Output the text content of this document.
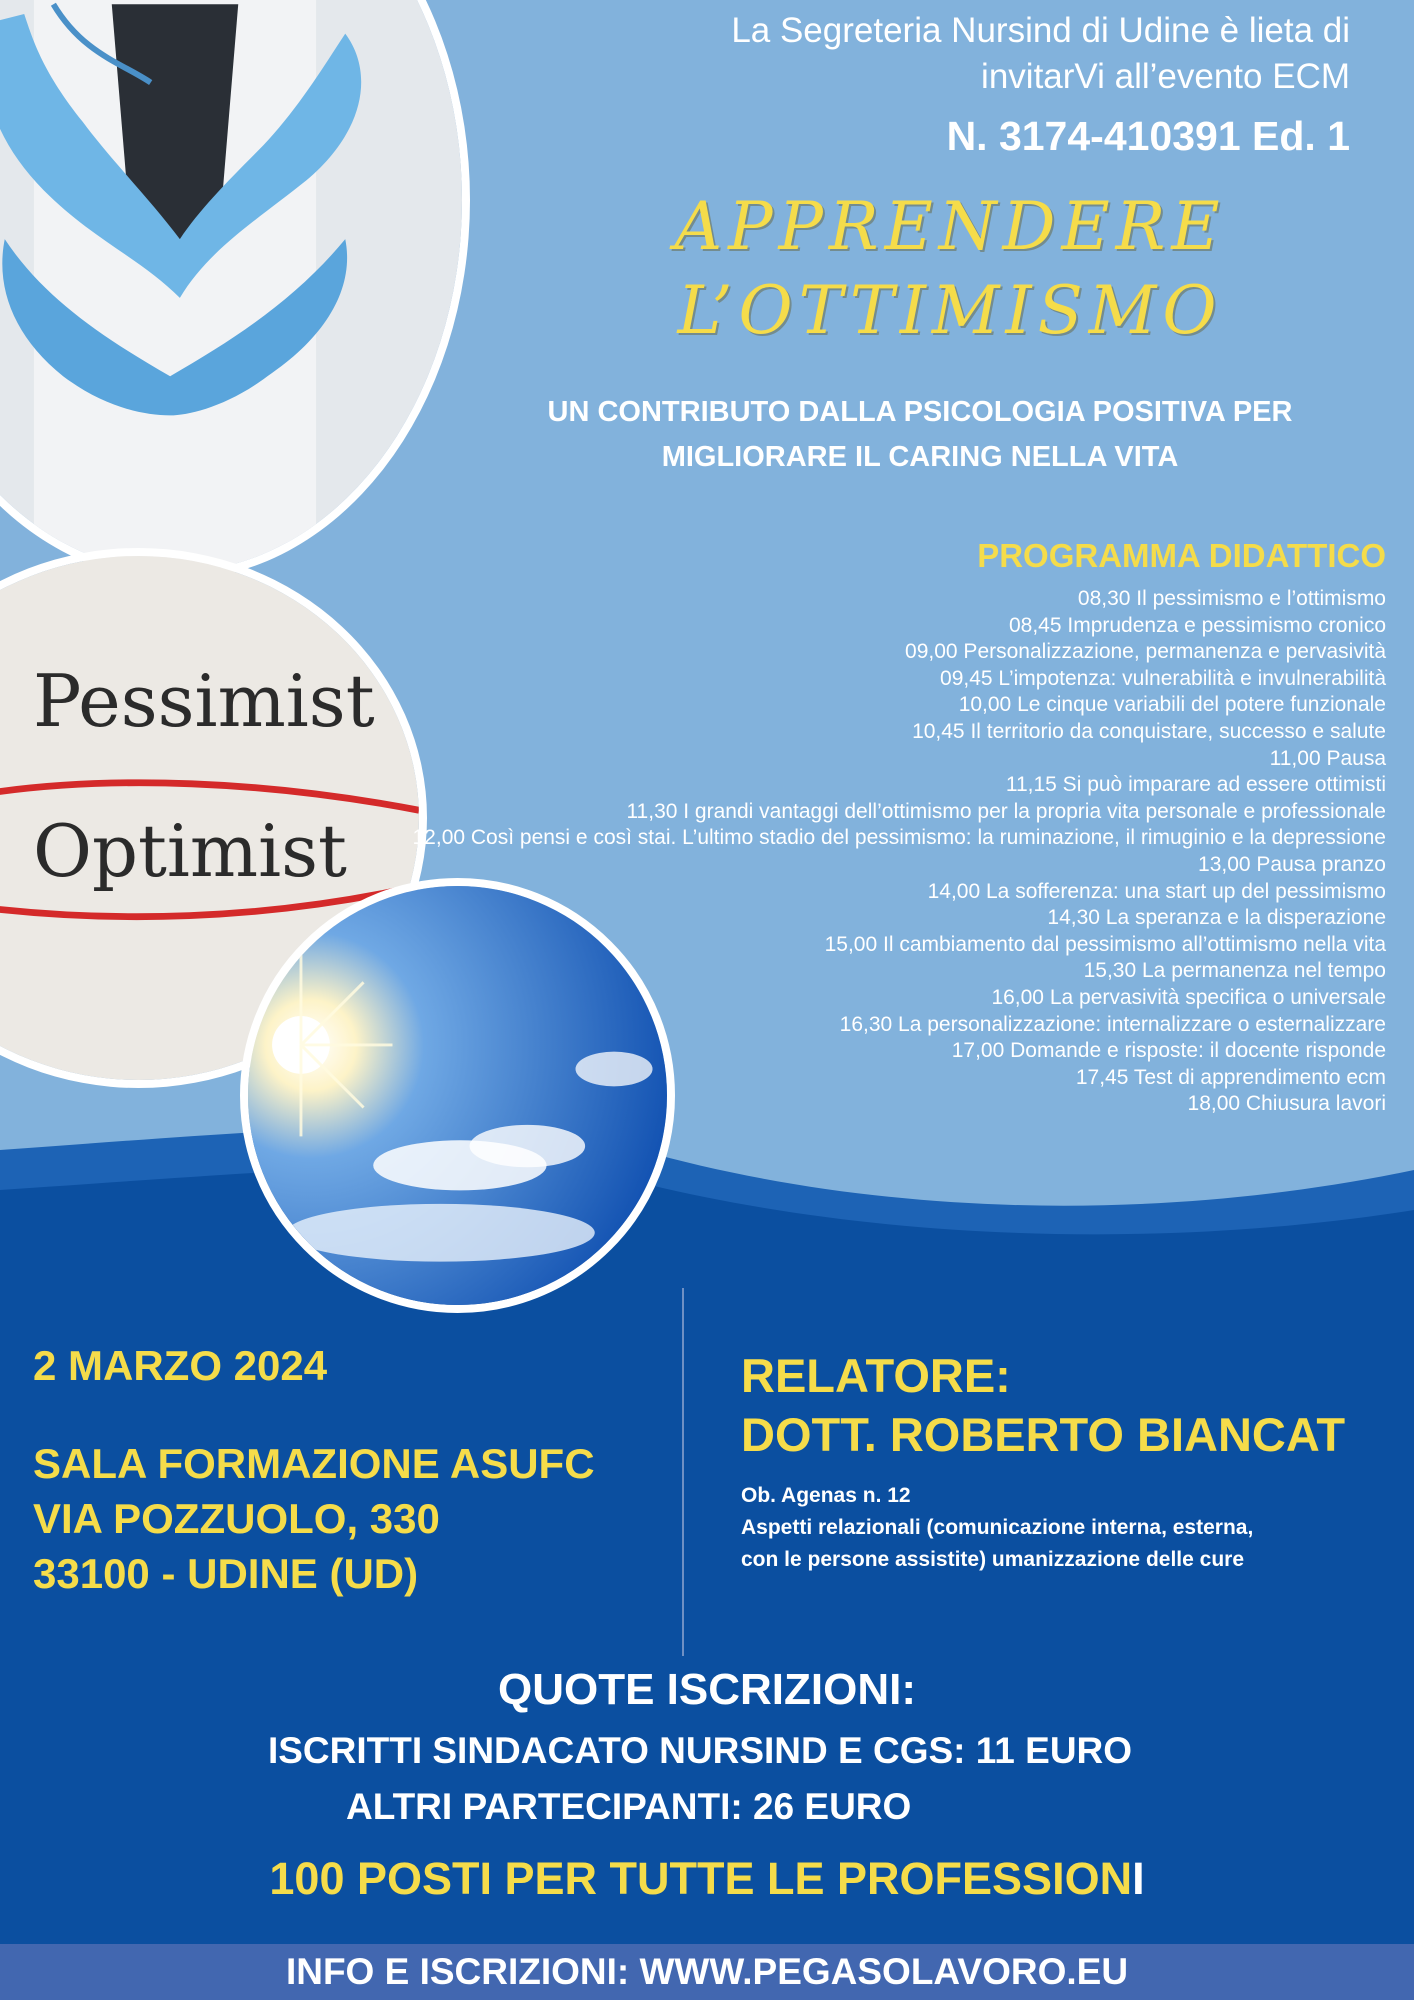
Pessimist
Optimist
La Segreteria Nursind di Udine è lieta di
invitarVi all’evento ECM
N. 3174-410391 Ed. 1
APPRENDERE
L’OTTIMISMO
UN CONTRIBUTO DALLA PSICOLOGIA POSITIVA PER
MIGLIORARE IL CARING NELLA VITA
PROGRAMMA DIDATTICO
08,30 Il pessimismo e l’ottimismo
08,45 Imprudenza e pessimismo cronico
09,00 Personalizzazione, permanenza e pervasività
09,45 L’impotenza: vulnerabilità e invulnerabilità
10,00 Le cinque variabili del potere funzionale
10,45 Il territorio da conquistare, successo e salute
11,00 Pausa
11,15 Si può imparare ad essere ottimisti
11,30 I grandi vantaggi dell’ottimismo per la propria vita personale e professionale
12,00 Così pensi e così stai. L’ultimo stadio del pessimismo: la ruminazione, il rimuginio e la depressione
13,00 Pausa pranzo
14,00 La sofferenza: una start up del pessimismo
14,30 La speranza e la disperazione
15,00 Il cambiamento dal pessimismo all’ottimismo nella vita
15,30 La permanenza nel tempo
16,00 La pervasività specifica o universale
16,30 La personalizzazione: internalizzare o esternalizzare
17,00 Domande e risposte: il docente risponde
17,45 Test di apprendimento ecm
18,00 Chiusura lavori
2 MARZO 2024
SALA FORMAZIONE ASUFC
VIA POZZUOLO, 330
33100 - UDINE (UD)
RELATORE:
DOTT. ROBERTO BIANCAT
Ob. Agenas n. 12
Aspetti relazionali (comunicazione interna, esterna,
con le persone assistite) umanizzazione delle cure
QUOTE ISCRIZIONI:
ISCRITTI SINDACATO NURSIND E CGS: 11 EURO
ALTRI PARTECIPANTI: 26 EURO
100 POSTI PER TUTTE LE PROFESSIONI
INFO E ISCRIZIONI: WWW.PEGASOLAVORO.EU
